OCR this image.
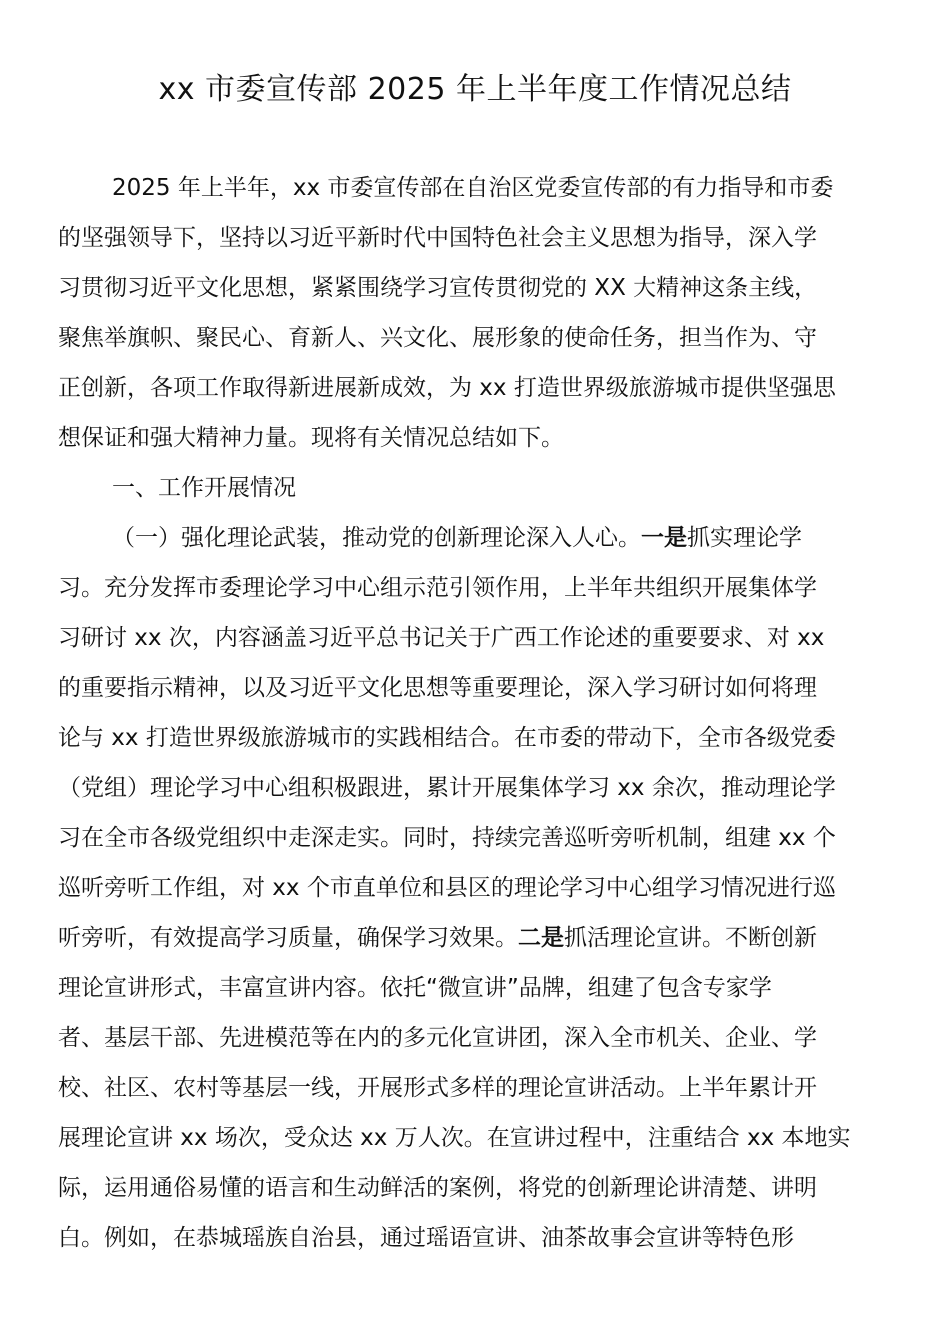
xx 市委宣传部 2025 年上半年度工作情况总结
2025 年上半年，xx 市委宣传部在自治区党委宣传部的有力指导和市委
的坚强领导下，坚持以习近平新时代中国特色社会主义思想为指导，深入学
习贯彻习近平文化思想，紧紧围绕学习宣传贯彻党的 XX 大精神这条主线，
聚焦举旗帜、聚民心、育新人、兴文化、展形象的使命任务，担当作为、守
正创新，各项工作取得新进展新成效，为 xx 打造世界级旅游城市提供坚强思
想保证和强大精神力量。现将有关情况总结如下。
一、工作开展情况
（一）强化理论武装，推动党的创新理论深入人心。一是抓实理论学
习。充分发挥市委理论学习中心组示范引领作用，上半年共组织开展集体学
习研讨 xx 次，内容涵盖习近平总书记关于广西工作论述的重要要求、对 xx
的重要指示精神，以及习近平文化思想等重要理论，深入学习研讨如何将理
论与 xx 打造世界级旅游城市的实践相结合。在市委的带动下，全市各级党委
（党组）理论学习中心组积极跟进，累计开展集体学习 xx 余次，推动理论学
习在全市各级党组织中走深走实。同时，持续完善巡听旁听机制，组建 xx 个
巡听旁听工作组，对 xx 个市直单位和县区的理论学习中心组学习情况进行巡
听旁听，有效提高学习质量，确保学习效果。二是抓活理论宣讲。不断创新
理论宣讲形式，丰富宣讲内容。依托“微宣讲”品牌，组建了包含专家学
者、基层干部、先进模范等在内的多元化宣讲团，深入全市机关、企业、学
校、社区、农村等基层一线，开展形式多样的理论宣讲活动。上半年累计开
展理论宣讲 xx 场次，受众达 xx 万人次。在宣讲过程中，注重结合 xx 本地实
际，运用通俗易懂的语言和生动鲜活的案例，将党的创新理论讲清楚、讲明
白。例如，在恭城瑶族自治县，通过瑶语宣讲、油茶故事会宣讲等特色形
